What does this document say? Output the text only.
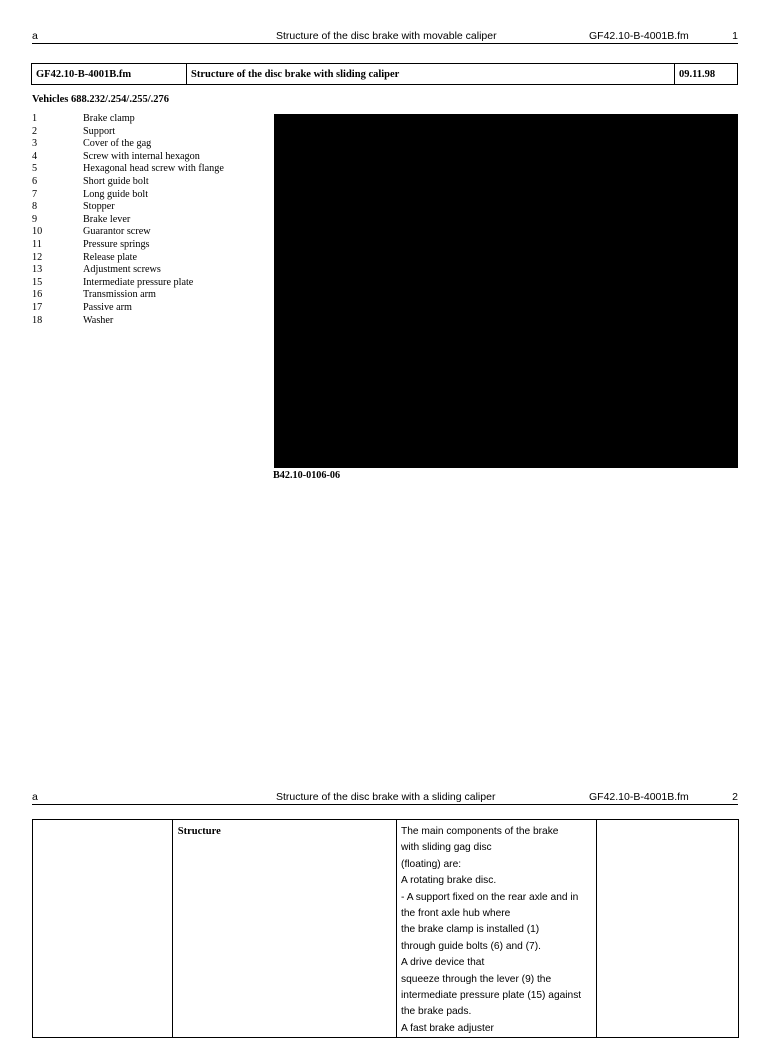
a	Structure of the disc brake with movable caliper	GF42.10-B-4001B.fm	1
GF42.10-B-4001B.fm	Structure of the disc brake with sliding caliper	09.11.98
Vehicles 688.232/.254/.255/.276
1	Brake clamp
2	Support
3	Cover of the gag
4	Screw with internal hexagon
5	Hexagonal head screw with flange
6	Short guide bolt
7	Long guide bolt
8	Stopper
9	Brake lever
10	Guarantor screw
11	Pressure springs
12	Release plate
13	Adjustment screws
15	Intermediate pressure plate
16	Transmission arm
17	Passive arm
18	Washer
B42.10-0106-06
a	Structure of the disc brake with a sliding caliper	GF42.10-B-4001B.fm	2

Structure	The main components of the brake
with sliding gag disc
(floating) are:
A rotating brake disc.
- A support fixed on the rear axle and in
the front axle hub where
the brake clamp is installed (1)
through guide bolts (6) and (7).
A drive device that
squeeze through the lever (9) the
intermediate pressure plate (15) against
the brake pads.
A fast brake adjuster
